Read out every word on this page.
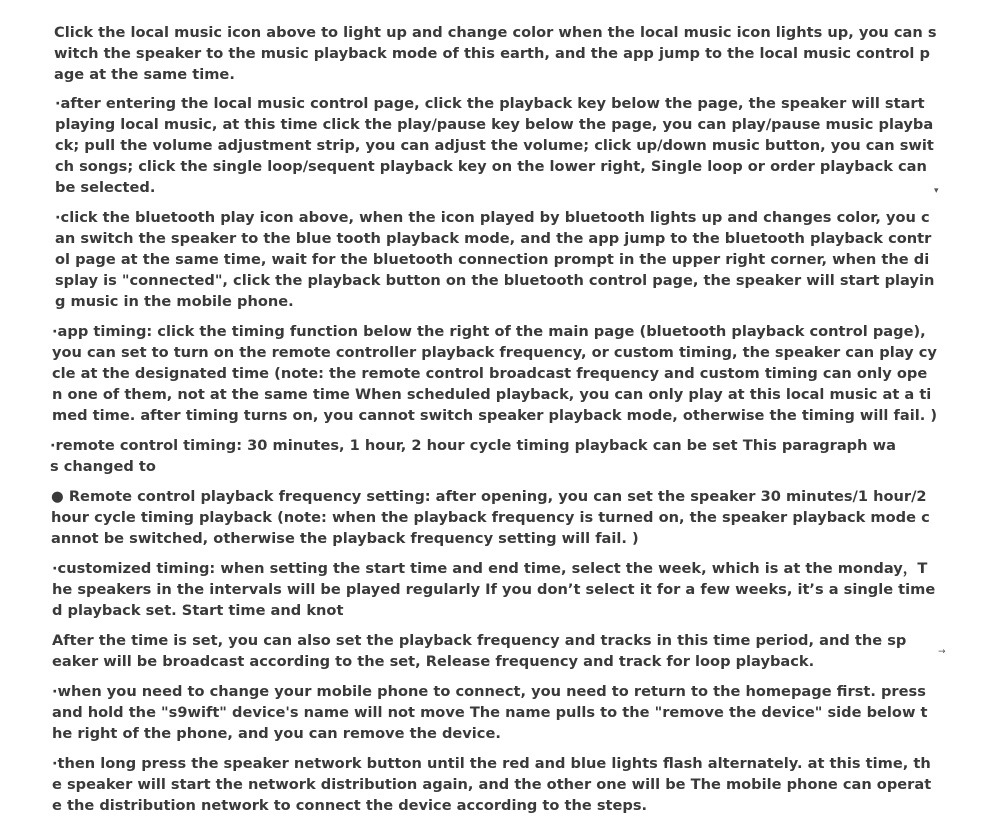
Click the local music icon above to light up and change color when the local music icon lights up, you can switch the speaker to the music playback mode of this earth, and the app jump to the local music control page at the same time.

·after entering the local music control page, click the playback key below the page, the speaker will start playing local music, at this time click the play/pause key below the page, you can play/pause music playback; pull the volume adjustment strip, you can adjust the volume; click up/down music button, you can switch songs; click the single loop/sequent playback key on the lower right, Single loop or order playback can be selected.

·click the bluetooth play icon above, when the icon played by bluetooth lights up and changes color, you can switch the speaker to the blue tooth playback mode, and the app jump to the bluetooth playback control page at the same time, wait for the bluetooth connection prompt in the upper right corner, when the display is "connected", click the playback button on the bluetooth control page, the speaker will start playing music in the mobile phone.

·app timing: click the timing function below the right of the main page (bluetooth playback control page), you can set to turn on the remote controller playback frequency, or custom timing, the speaker can play cycle at the designated time (note: the remote control broadcast frequency and custom timing can only open one of them, not at the same time When scheduled playback, you can only play at this local music at a timed time. after timing turns on, you cannot switch speaker playback mode, otherwise the timing will fail. )

·remote control timing: 30 minutes, 1 hour, 2 hour cycle timing playback can be set This paragraph was changed to

● Remote control playback frequency setting: after opening, you can set the speaker 30 minutes/1 hour/2 hour cycle timing playback (note: when the playback frequency is turned on, the speaker playback mode cannot be switched, otherwise the playback frequency setting will fail. )

·customized timing: when setting the start time and end time, select the week, which is at the monday，The speakers in the intervals will be played regularly If you don’t select it for a few weeks, it’s a single timed playback set. Start time and knot

After the time is set, you can also set the playback frequency and tracks in this time period, and the speaker will be broadcast according to the set, Release frequency and track for loop playback.

·when you need to change your mobile phone to connect, you need to return to the homepage first. press and hold the "s9wift" device's name will not move The name pulls to the "remove the device" side below the right of the phone, and you can remove the device.

·then long press the speaker network button until the red and blue lights flash alternately. at this time, the speaker will start the network distribution again, and the other one will be The mobile phone can operate the distribution network to connect the device according to the steps.

▾
→
